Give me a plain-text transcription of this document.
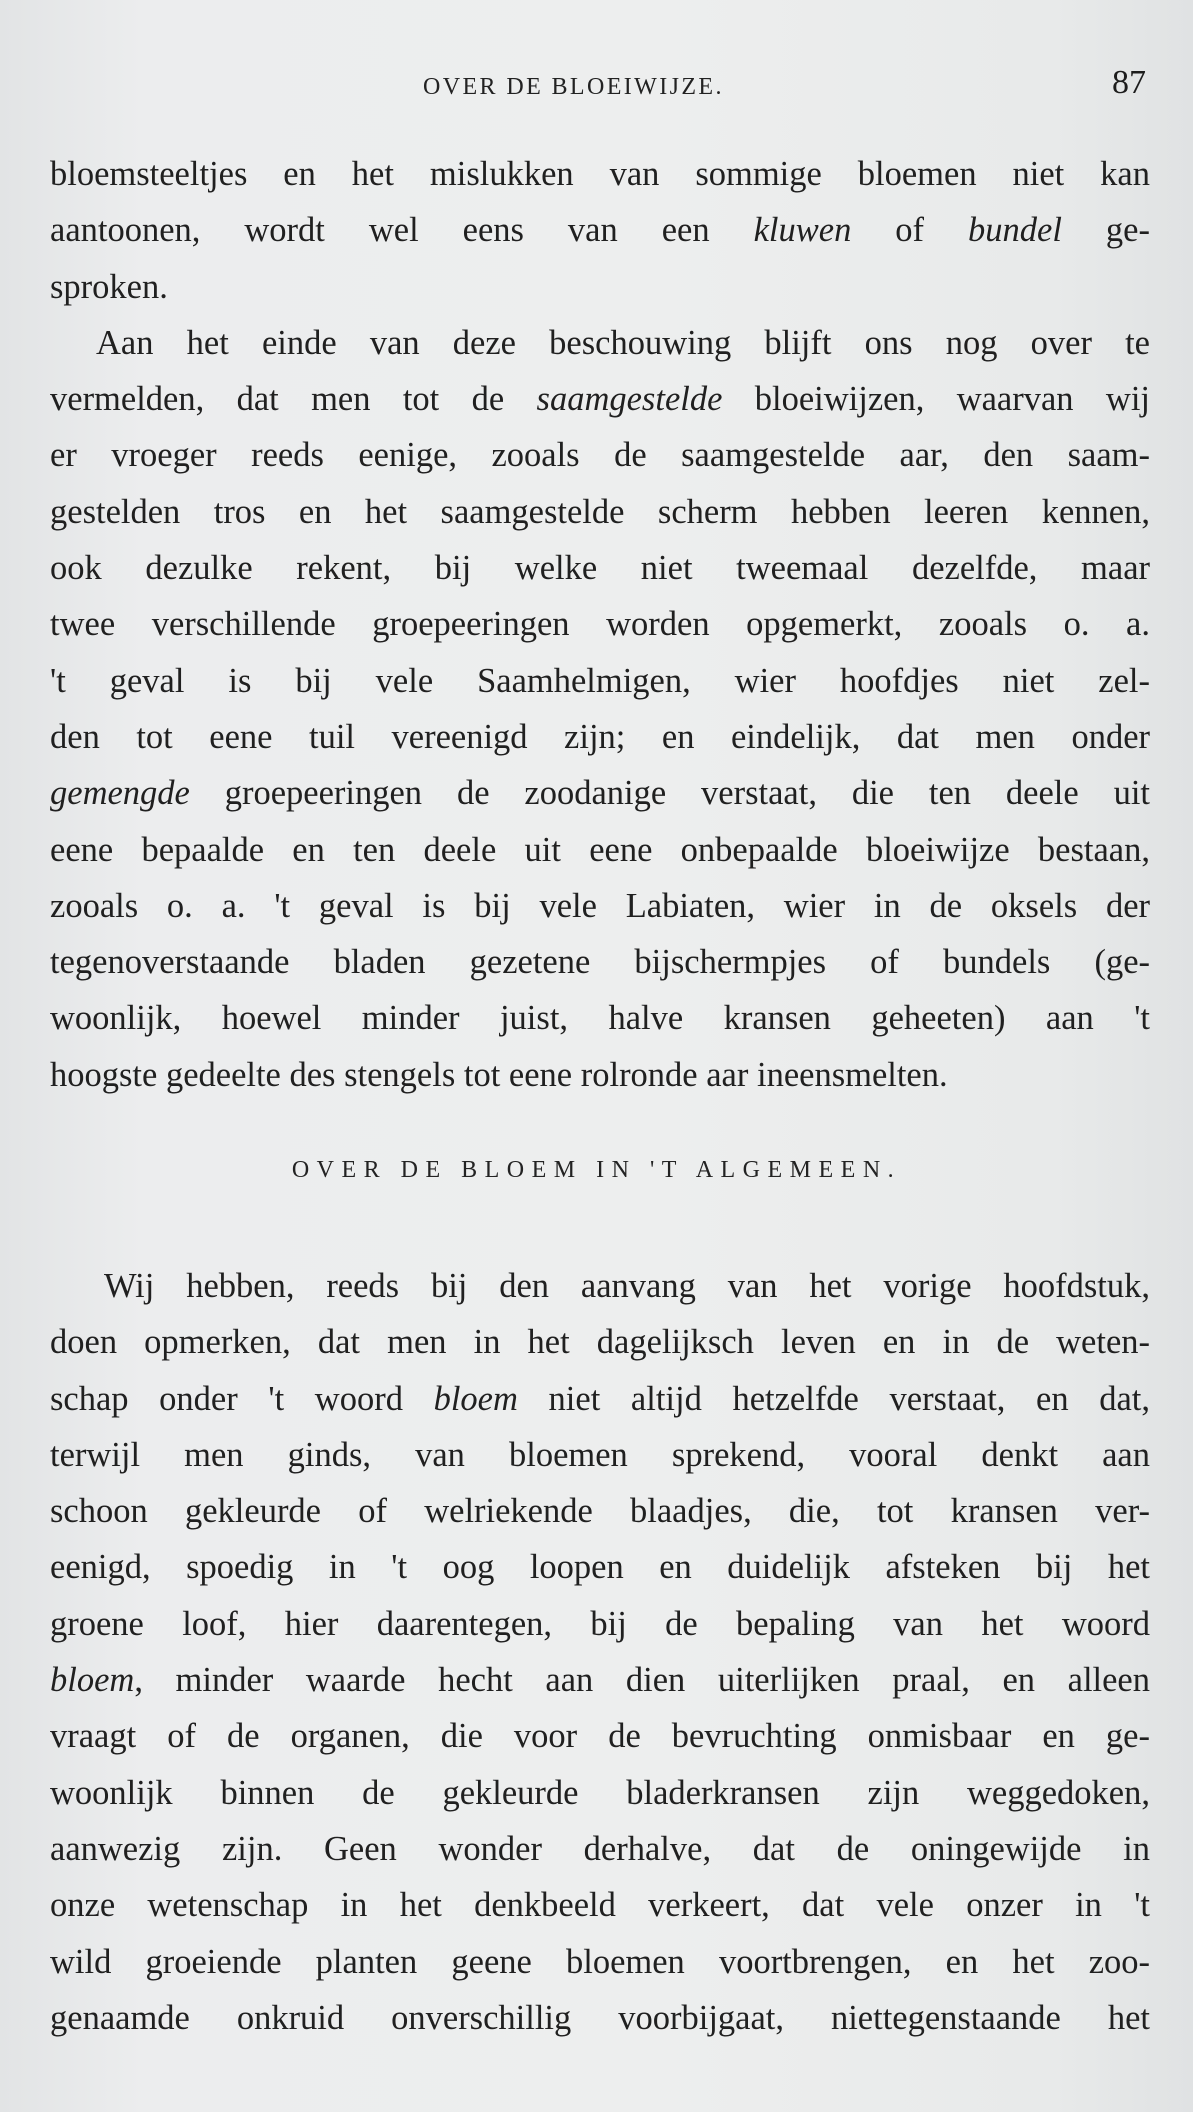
OVER DE BLOEIWIJZE.	87
bloemsteeltjes en het mislukken van sommige bloemen niet kan
aantoonen, wordt wel eens van een kluwen of bundel ge-
sproken.
Aan het einde van deze beschouwing blijft ons nog over te
vermelden, dat men tot de saamgestelde bloeiwijzen, waarvan wij
er vroeger reeds eenige, zooals de saamgestelde aar, den saam-
gestelden tros en het saamgestelde scherm hebben leeren kennen,
ook dezulke rekent, bij welke niet tweemaal dezelfde, maar
twee verschillende groepeeringen worden opgemerkt, zooals o. a.
't geval is bij vele Saamhelmigen, wier hoofdjes niet zel-
den tot eene tuil vereenigd zijn; en eindelijk, dat men onder
gemengde groepeeringen de zoodanige verstaat, die ten deele uit
eene bepaalde en ten deele uit eene onbepaalde bloeiwijze bestaan,
zooals o. a. 't geval is bij vele Labiaten, wier in de oksels der
tegenoverstaande bladen gezetene bijschermpjes of bundels (ge-
woonlijk, hoewel minder juist, halve kransen geheeten) aan 't
hoogste gedeelte des stengels tot eene rolronde aar ineensmelten.
OVER DE BLOEM IN 'T ALGEMEEN.
Wij hebben, reeds bij den aanvang van het vorige hoofdstuk,
doen opmerken, dat men in het dagelijksch leven en in de weten-
schap onder 't woord bloem niet altijd hetzelfde verstaat, en dat,
terwijl men ginds, van bloemen sprekend, vooral denkt aan
schoon gekleurde of welriekende blaadjes, die, tot kransen ver-
eenigd, spoedig in 't oog loopen en duidelijk afsteken bij het
groene loof, hier daarentegen, bij de bepaling van het woord
bloem, minder waarde hecht aan dien uiterlijken praal, en alleen
vraagt of de organen, die voor de bevruchting onmisbaar en ge-
woonlijk binnen de gekleurde bladerkransen zijn weggedoken,
aanwezig zijn. Geen wonder derhalve, dat de oningewijde in
onze wetenschap in het denkbeeld verkeert, dat vele onzer in 't
wild groeiende planten geene bloemen voortbrengen, en het zoo-
genaamde onkruid onverschillig voorbijgaat, niettegenstaande het
